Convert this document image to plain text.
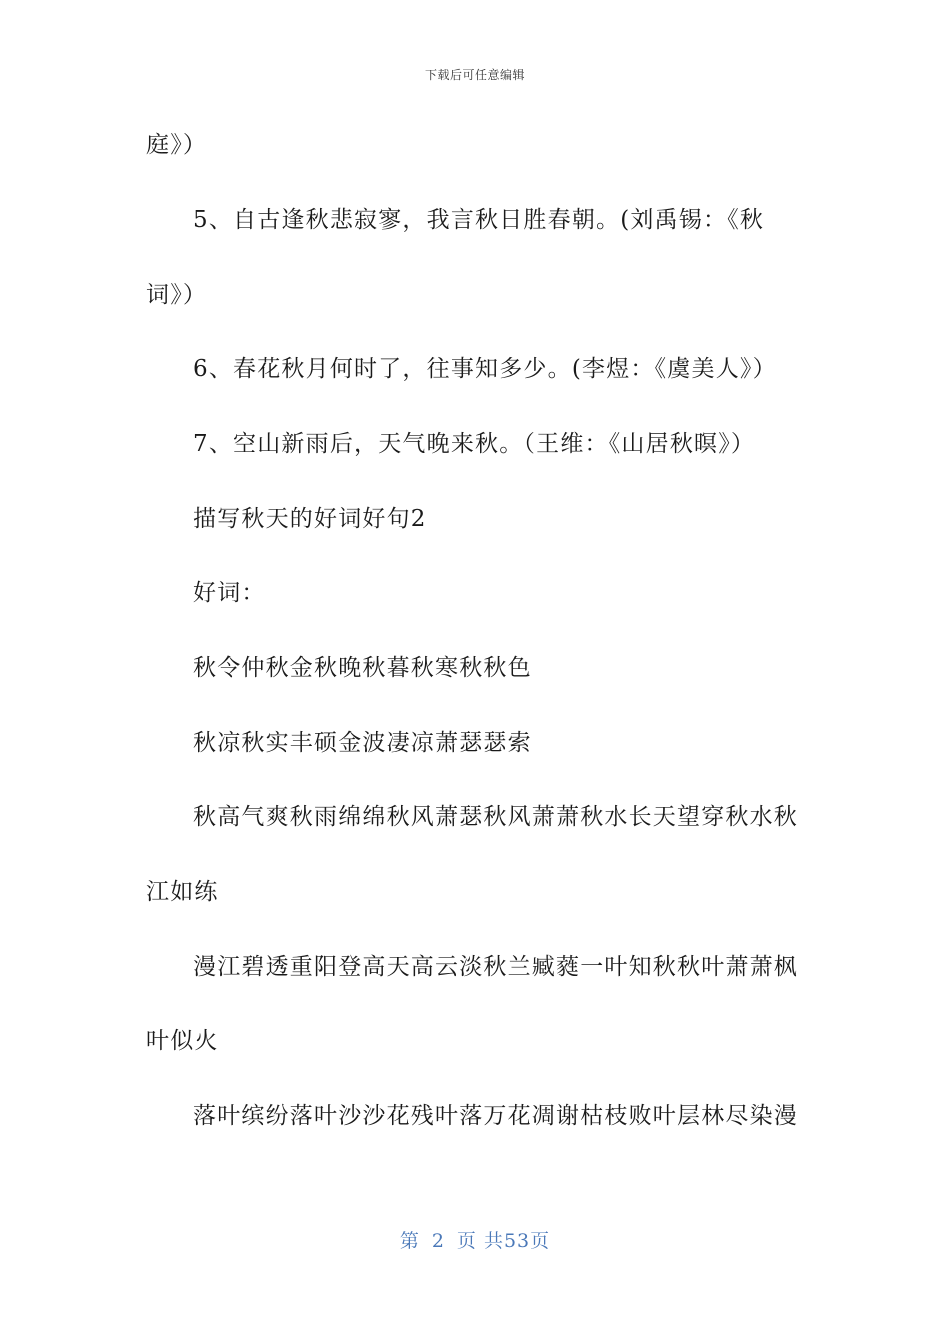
下载后可任意编辑
庭》）
5、自古逢秋悲寂寥，我言秋日胜春朝。(刘禹锡：《秋
词》）
6、春花秋月何时了，往事知多少。(李煜：《虞美人》）
7、空山新雨后，天气晚来秋。（王维：《山居秋暝》）
描写秋天的好词好句2
好词：
秋令仲秋金秋晚秋暮秋寒秋秋色
秋凉秋实丰硕金波凄凉萧瑟瑟索
秋高气爽秋雨绵绵秋风萧瑟秋风萧萧秋水长天望穿秋水秋
江如练
漫江碧透重阳登高天高云淡秋兰臧蕤一叶知秋秋叶萧萧枫
叶似火
落叶缤纷落叶沙沙花残叶落万花凋谢枯枝败叶层林尽染漫
第 2 页 共53页
